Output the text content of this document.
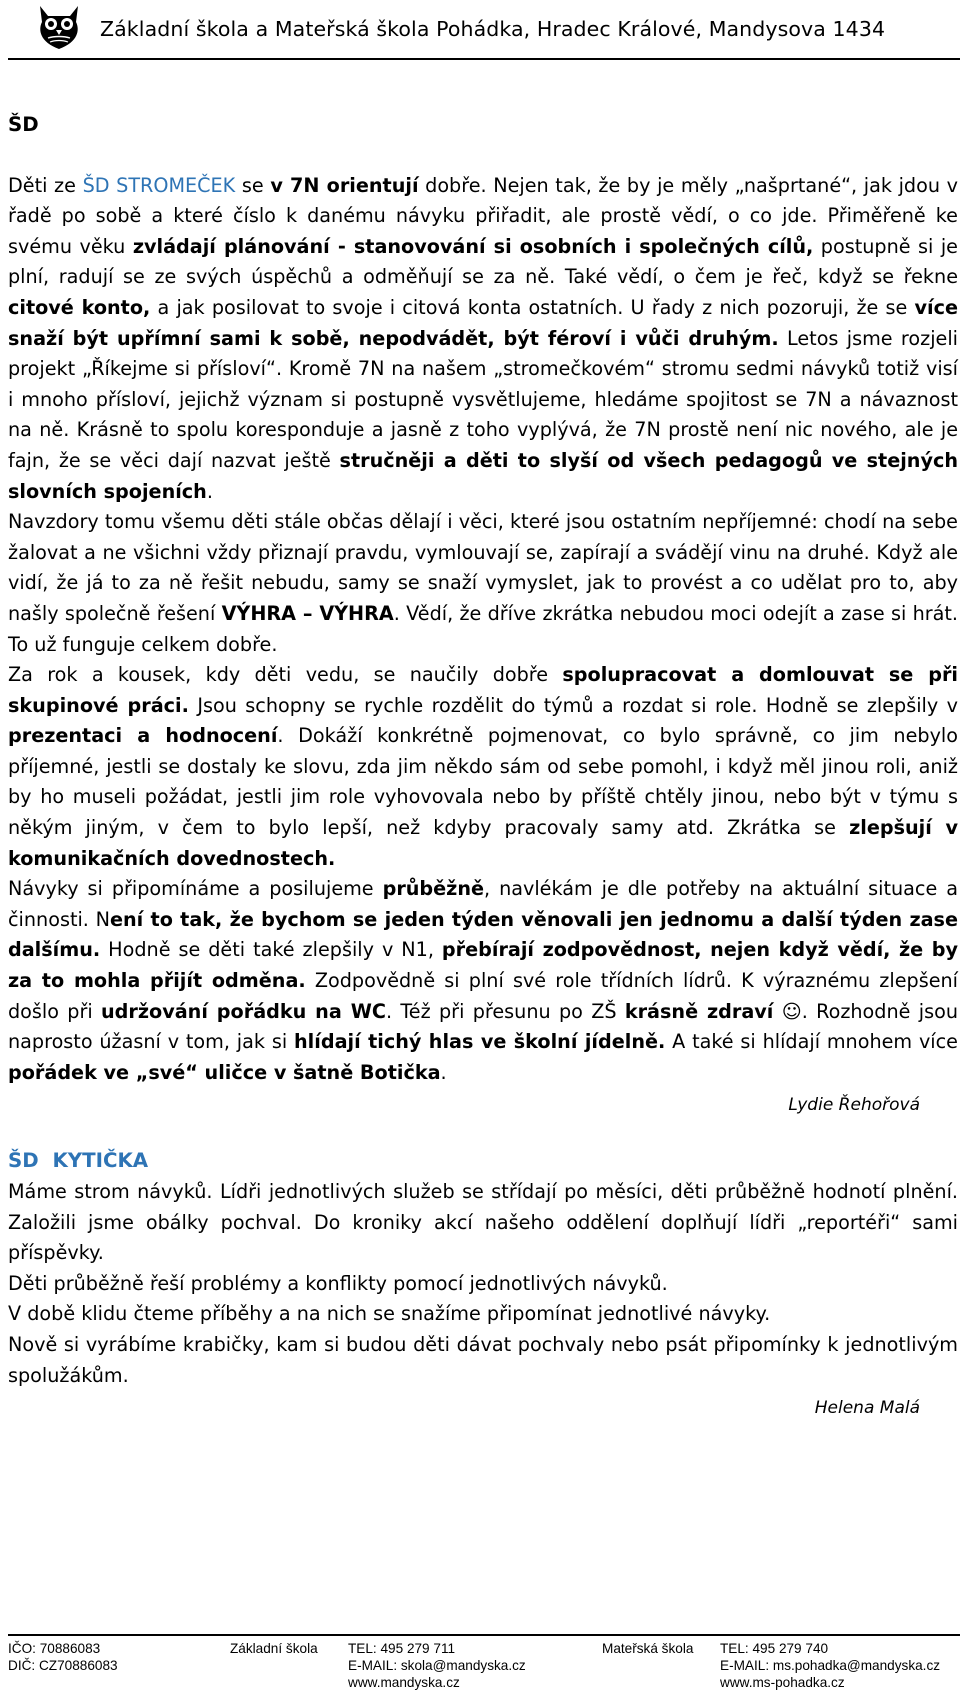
Základní škola a Mateřská škola Pohádka, Hradec Králové, Mandysova 1434
ŠD

Děti ze ŠD STROMEČEK se v 7N orientují dobře. Nejen tak, že by je měly „našprtané“, jak jdou v řadě po sobě a které číslo k danému návyku přiřadit, ale prostě vědí, o co jde. Přiměřeně ke svému věku zvládají plánování - stanovování si osobních i společných cílů, postupně si je plní, radují se ze svých úspěchů a odměňují se za ně. Také vědí, o čem je řeč, když se řekne citové konto, a jak posilovat to svoje i citová konta ostatních. U řady z nich pozoruji, že se více snaží být upřímní sami k sobě, nepodvádět, být féroví i vůči druhým. Letos jsme rozjeli projekt „Říkejme si přísloví“. Kromě 7N na našem „stromečkovém“ stromu sedmi návyků totiž visí i mnoho přísloví, jejichž význam si postupně vysvětlujeme, hledáme spojitost se 7N a návaznost na ně. Krásně to spolu koresponduje a jasně z toho vyplývá, že 7N prostě není nic nového, ale je fajn, že se věci dají nazvat ještě stručněji a děti to slyší od všech pedagogů ve stejných slovních spojeních.

Navzdory tomu všemu děti stále občas dělají i věci, které jsou ostatním nepříjemné: chodí na sebe žalovat a ne všichni vždy přiznají pravdu, vymlouvají se, zapírají a svádějí vinu na druhé. Když ale vidí, že já to za ně řešit nebudu, samy se snaží vymyslet, jak to provést a co udělat pro to, aby našly společně řešení VÝHRA – VÝHRA. Vědí, že dříve zkrátka nebudou moci odejít a zase si hrát. To už funguje celkem dobře.

Za rok a kousek, kdy děti vedu, se naučily dobře spolupracovat a domlouvat se při skupinové práci. Jsou schopny se rychle rozdělit do týmů a rozdat si role. Hodně se zlepšily v prezentaci a hodnocení. Dokáží konkrétně pojmenovat, co bylo správně, co jim nebylo příjemné, jestli se dostaly ke slovu, zda jim někdo sám od sebe pomohl, i když měl jinou roli, aniž by ho museli požádat, jestli jim role vyhovovala nebo by příště chtěly jinou, nebo být v týmu s někým jiným, v čem to bylo lepší, než kdyby pracovaly samy atd. Zkrátka se zlepšují v komunikačních dovednostech.

Návyky si připomínáme a posilujeme průběžně, navlékám je dle potřeby na aktuální situace a činnosti. Není to tak, že bychom se jeden týden věnovali jen jednomu a další týden zase dalšímu. Hodně se děti také zlepšily v N1, přebírají zodpovědnost, nejen když vědí, že by za to mohla přijít odměna. Zodpovědně si plní své role třídních lídrů. K výraznému zlepšení došlo při udržování pořádku na WC. Též při přesunu po ZŠ krásně zdraví ☺. Rozhodně jsou naprosto úžasní v tom, jak si hlídají tichý hlas ve školní jídelně. A také si hlídají mnohem více pořádek ve „své“ uličce v šatně Botička.

Lydie Řehořová
ŠD  KYTIČKA

Máme strom návyků. Lídři jednotlivých služeb se střídají po měsíci, děti průběžně hodnotí plnění. Založili jsme obálky pochval. Do kroniky akcí našeho oddělení doplňují lídři „reportéři“ sami příspěvky.

Děti průběžně řeší problémy a konflikty pomocí jednotlivých návyků.

V době klidu čteme příběhy a na nich se snažíme připomínat jednotlivé návyky.

Nově si vyrábíme krabičky, kam si budou děti dávat pochvaly nebo psát připomínky k jednotlivým spolužákům.

Helena Malá
IČO: 70886083
DIČ: CZ70886083
Základní škola TEL: 495 279 711
E-MAIL: skola@mandyska.cz
www.mandyska.cz
Mateřská škola TEL: 495 279 740
E-MAIL: ms.pohadka@mandyska.cz
www.ms-pohadka.cz
